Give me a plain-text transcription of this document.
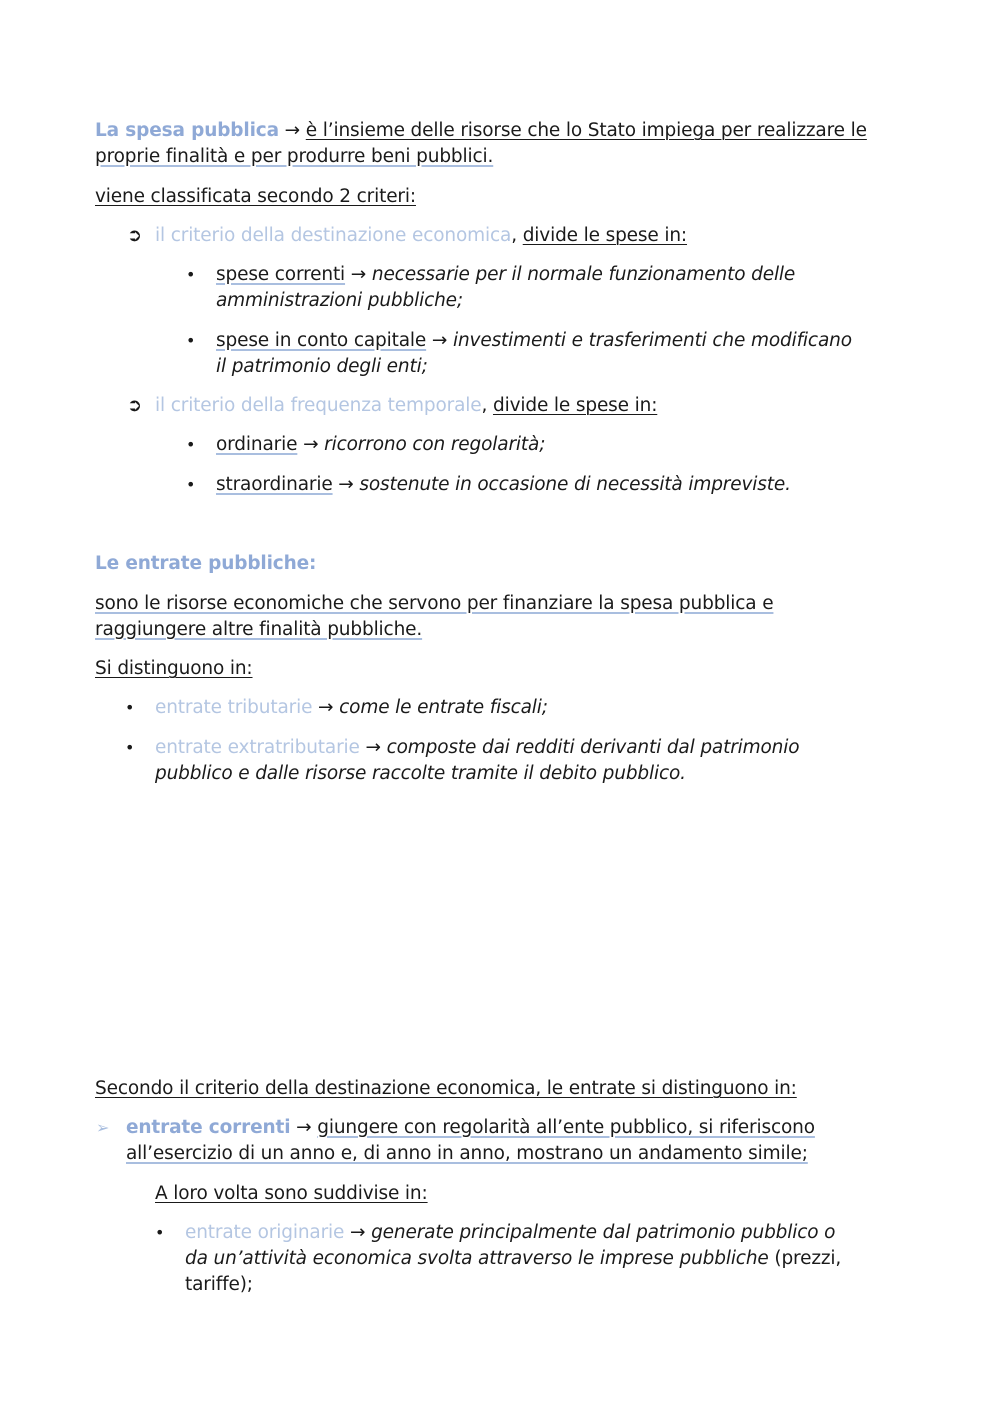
La spesa pubblica → è l’insieme delle risorse che lo Stato impiega per realizzare le

proprie finalità e per produrre beni pubblici.

viene classificata secondo 2 criteri:

➲ il criterio della destinazione economica, divide le spese in:

• spese correnti → necessarie per il normale funzionamento delle

amministrazioni pubbliche;

• spese in conto capitale → investimenti e trasferimenti che modificano

il patrimonio degli enti;

➲ il criterio della frequenza temporale, divide le spese in:

• ordinarie → ricorrono con regolarità;

• straordinarie → sostenute in occasione di necessità impreviste.

Le entrate pubbliche:

sono le risorse economiche che servono per finanziare la spesa pubblica e

raggiungere altre finalità pubbliche.

Si distinguono in:

• entrate tributarie → come le entrate fiscali;

• entrate extratributarie → composte dai redditi derivanti dal patrimonio

pubblico e dalle risorse raccolte tramite il debito pubblico.

Secondo il criterio della destinazione economica, le entrate si distinguono in:

➢ entrate correnti → giungere con regolarità all’ente pubblico, si riferiscono

all’esercizio di un anno e, di anno in anno, mostrano un andamento simile;

A loro volta sono suddivise in:

• entrate originarie → generate principalmente dal patrimonio pubblico o

da un’attività economica svolta attraverso le imprese pubbliche (prezzi,

tariffe);
